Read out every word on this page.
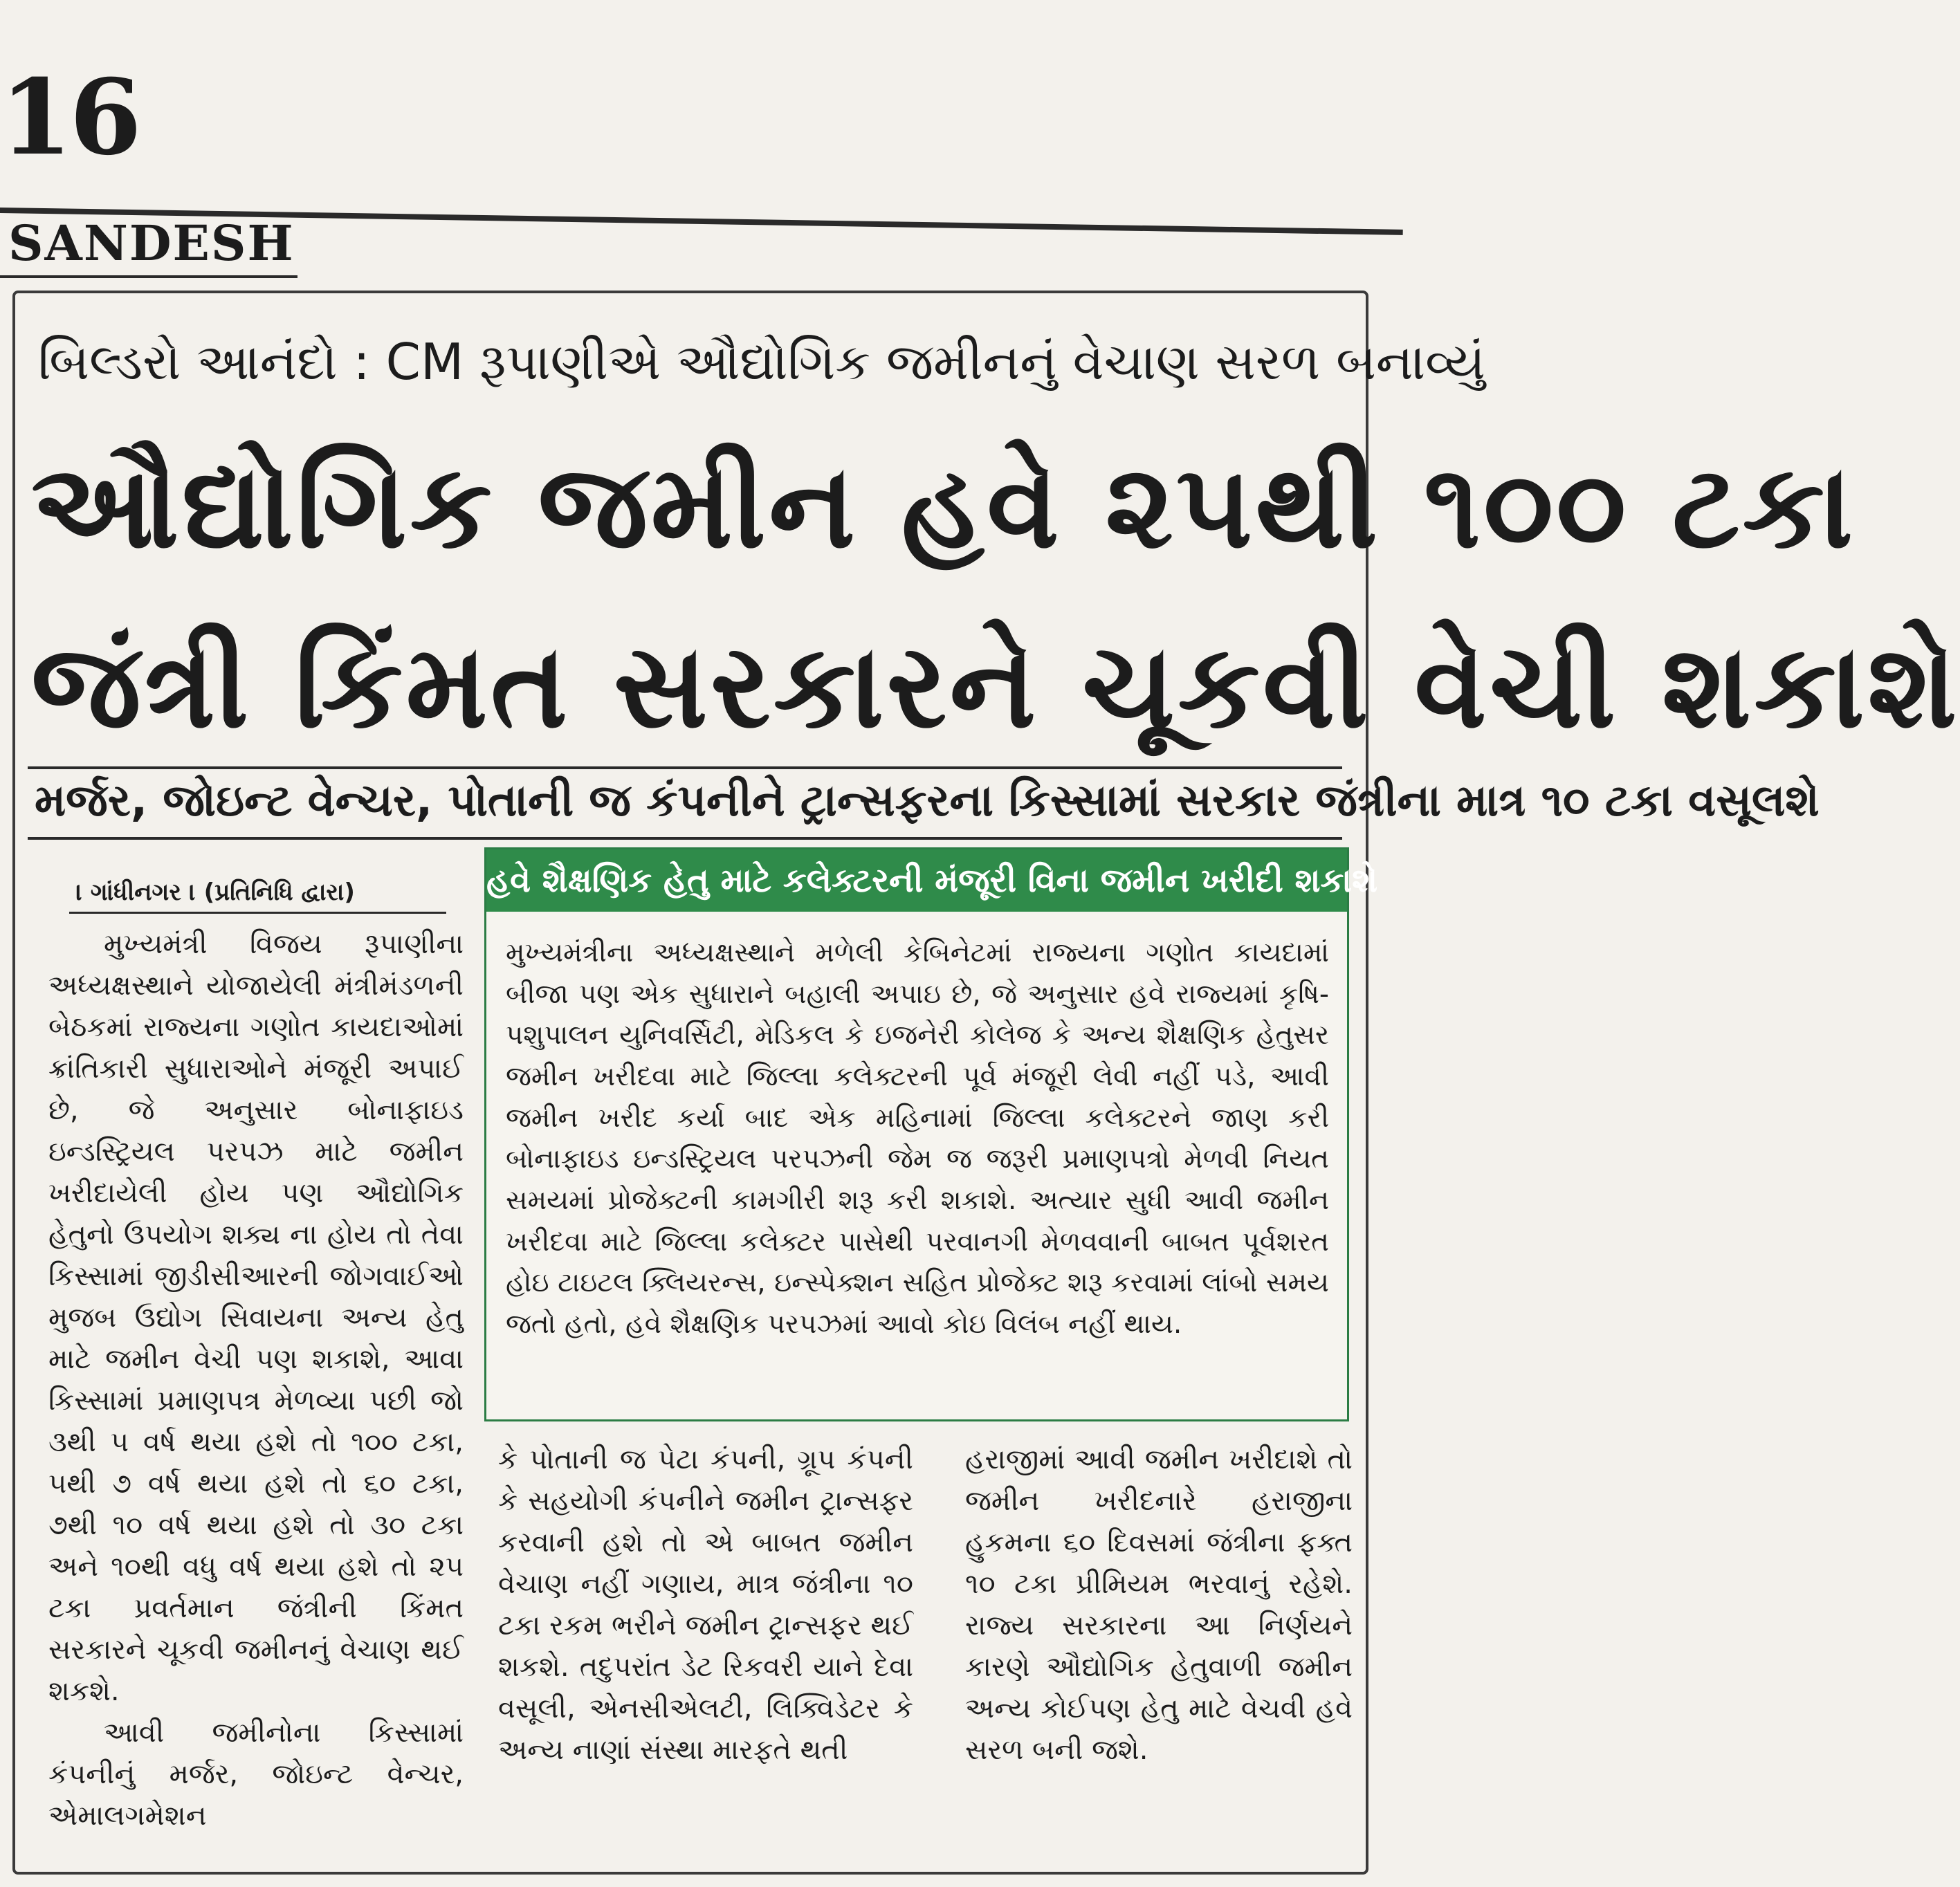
16
SANDESH
બિલ્ડરો આનંદો : CM રૂપાણીએ ઔદ્યોગિક જમીનનું વેચાણ સરળ બનાવ્યું
ઔદ્યોગિક જમીન હવે ૨૫થી ૧૦૦ ટકા
જંત્રી કિંમત સરકારને ચૂકવી વેચી શકાશે
મર્જર, જોઇન્ટ વેન્ચર, પોતાની જ કંપનીને ટ્રાન્સફરના કિસ્સામાં સરકાર જંત્રીના માત્ર ૧૦ ટકા વસૂલશે
। ગાંધીનગર । (પ્રતિનિધિ દ્વારા)

મુખ્યમંત્રી વિજય રૂપાણીના અધ્યક્ષસ્થાને યોજાયેલી મંત્રીમંડળની બેઠકમાં રાજ્યના ગણોત કાયદાઓમાં ક્રાંતિકારી સુધારાઓને મંજૂરી અપાઈ છે, જે અનુસાર બોનાફાઇડ ઇન્ડસ્ટ્રિયલ પરપઝ માટે જમીન ખરીદાયેલી હોય પણ ઔદ્યોગિક હેતુનો ઉપયોગ શક્ય ના હોય તો તેવા કિસ્સામાં જીડીસીઆરની જોગવાઈઓ મુજબ ઉદ્યોગ સિવાયના અન્ય હેતુ માટે જમીન વેચી પણ શકાશે, આવા કિસ્સામાં પ્રમાણપત્ર મેળવ્યા પછી જો ૩થી ૫ વર્ષ થયા હશે તો ૧૦૦ ટકા, ૫થી ૭ વર્ષ થયા હશે તો ૬૦ ટકા, ૭થી ૧૦ વર્ષ થયા હશે તો ૩૦ ટકા અને ૧૦થી વધુ વર્ષ થયા હશે તો ૨૫ ટકા પ્રવર્તમાન જંત્રીની કિંમત સરકારને ચૂકવી જમીનનું વેચાણ થઈ શકશે.

આવી જમીનોના કિસ્સામાં કંપનીનું મર્જર, જોઇન્ટ વેન્ચર, એમાલગમેશન

હવે શૈક્ષણિક હેતુ માટે કલેક્ટરની મંજૂરી વિના જમીન ખરીદી શકાશે
મુખ્યમંત્રીના અધ્યક્ષસ્થાને મળેલી કેબિનેટમાં રાજ્યના ગણોત કાયદામાં બીજા પણ એક સુધારાને બહાલી અપાઇ છે, જે અનુસાર હવે રાજ્યમાં કૃષિ-પશુપાલન યુનિવર્સિટી, મેડિકલ કે ઇજનેરી કોલેજ કે અન્ય શૈક્ષણિક હેતુસર જમીન ખરીદવા માટે જિલ્લા કલેક્ટરની પૂર્વ મંજૂરી લેવી નહીં પડે, આવી જમીન ખરીદ કર્યા બાદ એક મહિનામાં જિલ્લા કલેક્ટરને જાણ કરી બોનાફાઇડ ઇન્ડસ્ટ્રિયલ પરપઝની જેમ જ જરૂરી પ્રમાણપત્રો મેળવી નિયત સમયમાં પ્રોજેક્ટની કામગીરી શરૂ કરી શકાશે. અત્યાર સુધી આવી જમીન ખરીદવા માટે જિલ્લા કલેક્ટર પાસેથી પરવાનગી મેળવવાની બાબત પૂર્વશરત હોઇ ટાઇટલ ક્લિયરન્સ, ઇન્સ્પેક્શન સહિત પ્રોજેક્ટ શરૂ કરવામાં લાંબો સમય જતો હતો, હવે શૈક્ષણિક પરપઝમાં આવો કોઇ વિલંબ નહીં થાય.

કે પોતાની જ પેટા કંપની, ગ્રૂપ કંપની કે સહયોગી કંપનીને જમીન ટ્રાન્સફર કરવાની હશે તો એ બાબત જમીન વેચાણ નહીં ગણાય, માત્ર જંત્રીના ૧૦ ટકા રકમ ભરીને જમીન ટ્રાન્સફર થઈ શકશે. તદુપરાંત ડેટ રિકવરી યાને દેવા વસૂલી, એનસીએલટી, લિક્વિડેટર કે અન્ય નાણાં સંસ્થા મારફતે થતી

હરાજીમાં આવી જમીન ખરીદાશે તો જમીન ખરીદનારે હરાજીના હુકમના ૬૦ દિવસમાં જંત્રીના ફક્ત ૧૦ ટકા પ્રીમિયમ ભરવાનું રહેશે. રાજ્ય સરકારના આ નિર્ણયને કારણે ઔદ્યોગિક હેતુવાળી જમીન અન્ય કોઈપણ હેતુ માટે વેચવી હવે સરળ બની જશે.
